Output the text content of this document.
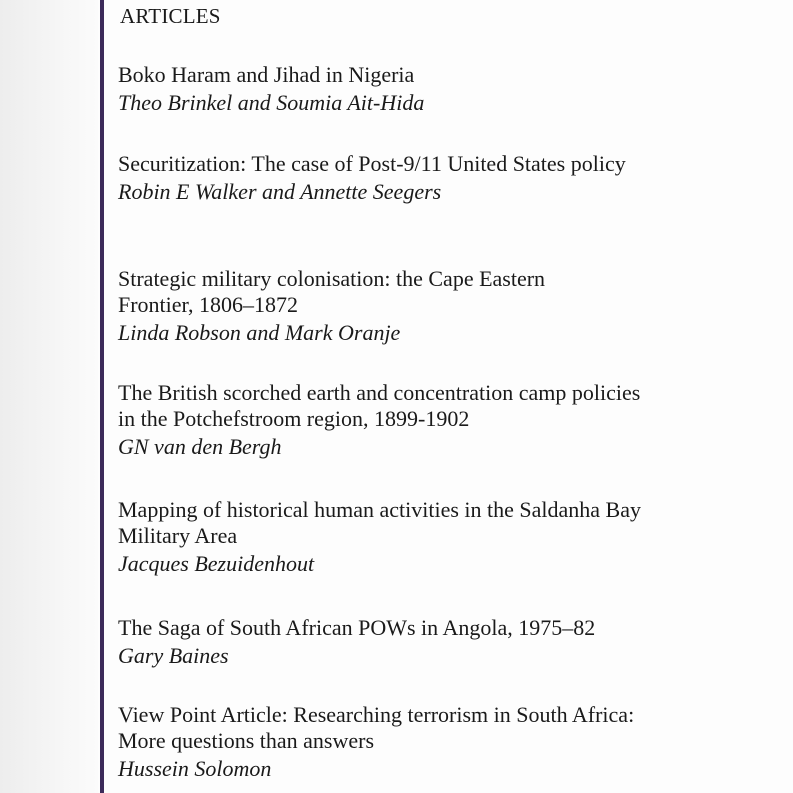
ARTICLES

Boko Haram and Jihad in Nigeria

Theo Brinkel and Soumia Ait-Hida

Securitization: The case of Post-9/11 United States policy

Robin E Walker and Annette Seegers

Strategic military colonisation: the Cape Eastern Frontier, 1806–1872

Linda Robson and Mark Oranje

The British scorched earth and concentration camp policies in the Potchefstroom region, 1899-1902

GN van den Bergh

Mapping of historical human activities in the Saldanha Bay Military Area

Jacques Bezuidenhout

The Saga of South African POWs in Angola, 1975–82

Gary Baines

View Point Article: Researching terrorism in South Africa: More questions than answers

Hussein Solomon
